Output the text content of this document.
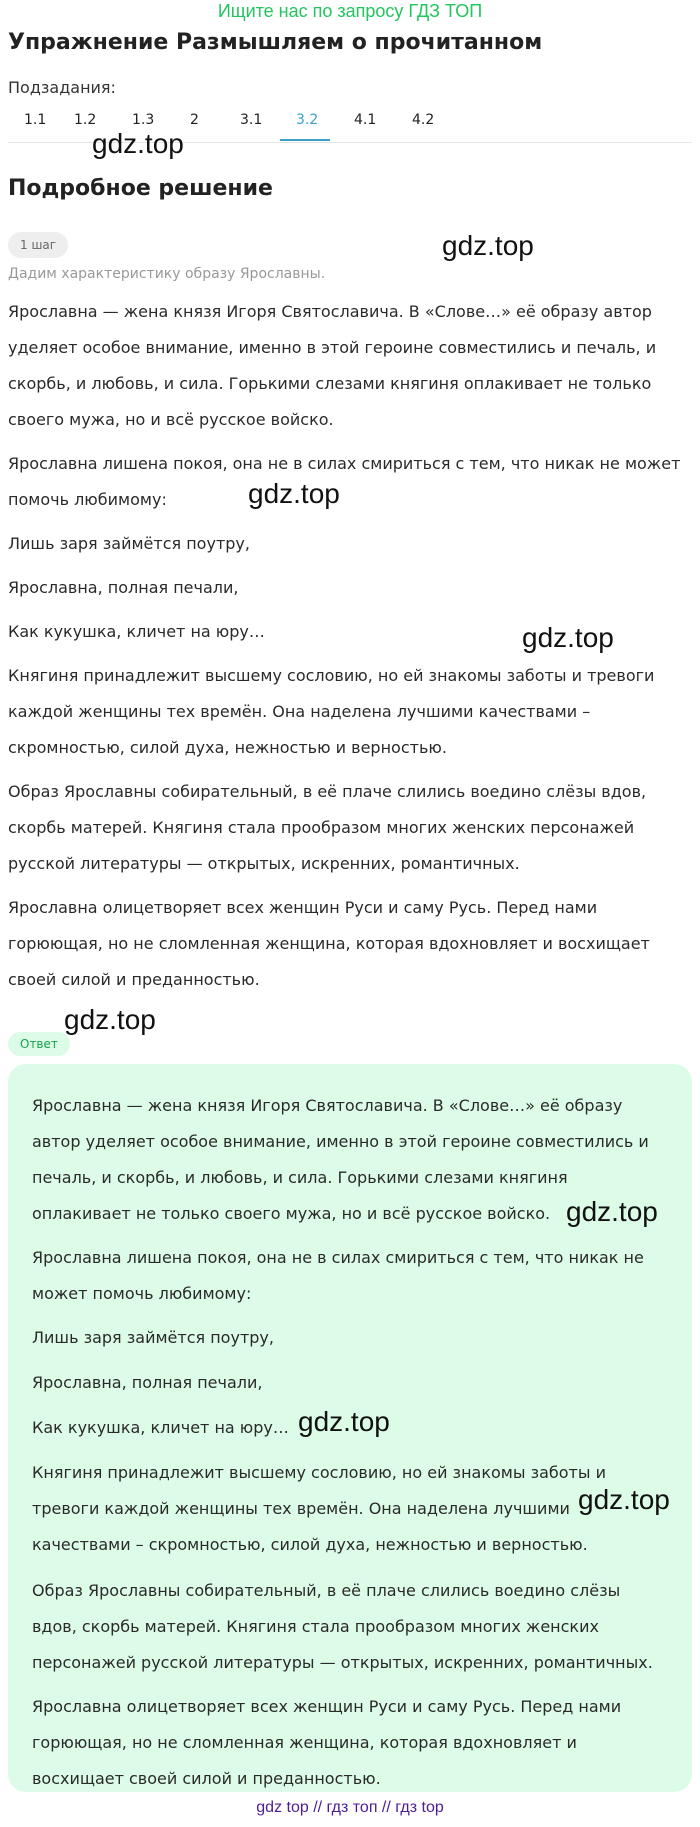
Ищите нас по запросу ГДЗ ТОП
Упражнение Размышляем о прочитанном
Подзадания:
1.1 1.2	1.3	2	3.1 3.2	4.1	4.2
Подробное решение
1 шаг
Дадим характеристику образу Ярославны.

Ярославна — жена князя Игоря Святославича. В «Слове…» её образу автор уделяет особое внимание, именно в этой героине совместились и печаль, и скорбь, и любовь, и сила. Горькими слезами княгиня оплакивает не только своего мужа, но и всё русское войско.

Ярославна лишена покоя, она не в силах смириться с тем, что никак не может помочь любимому:

Лишь заря займётся поутру,

Ярославна, полная печали,

Как кукушка, кличет на юру…

Княгиня принадлежит высшему сословию, но ей знакомы заботы и тревоги каждой женщины тех времён. Она наделена лучшими качествами – скромностью, силой духа, нежностью и верностью.

Образ Ярославны собирательный, в её плаче слились воедино слёзы вдов, скорбь матерей. Княгиня стала прообразом многих женских персонажей русской литературы — открытых, искренних, романтичных.

Ярославна олицетворяет всех женщин Руси и саму Русь. Перед нами горюющая, но не сломленная женщина, которая вдохновляет и восхищает своей силой и преданностью.

Ответ

Ярославна — жена князя Игоря Святославича. В «Слове…» её образу автор уделяет особое внимание, именно в этой героине совместились и печаль, и скорбь, и любовь, и сила. Горькими слезами княгиня оплакивает не только своего мужа, но и всё русское войско.

Ярославна лишена покоя, она не в силах смириться с тем, что никак не может помочь любимому:

Лишь заря займётся поутру,

Ярославна, полная печали,

Как кукушка, кличет на юру…

Княгиня принадлежит высшему сословию, но ей знакомы заботы и тревоги каждой женщины тех времён. Она наделена лучшими качествами – скромностью, силой духа, нежностью и верностью.

Образ Ярославны собирательный, в её плаче слились воедино слёзы вдов, скорбь матерей. Княгиня стала прообразом многих женских персонажей русской литературы — открытых, искренних, романтичных.

Ярославна олицетворяет всех женщин Руси и саму Русь. Перед нами горюющая, но не сломленная женщина, которая вдохновляет и восхищает своей силой и преданностью.

gdz.top
gdz.top
gdz.top
gdz.top
gdz.top
gdz.top
gdz.top
gdz.top
gdz top // гдз топ // гдз top
